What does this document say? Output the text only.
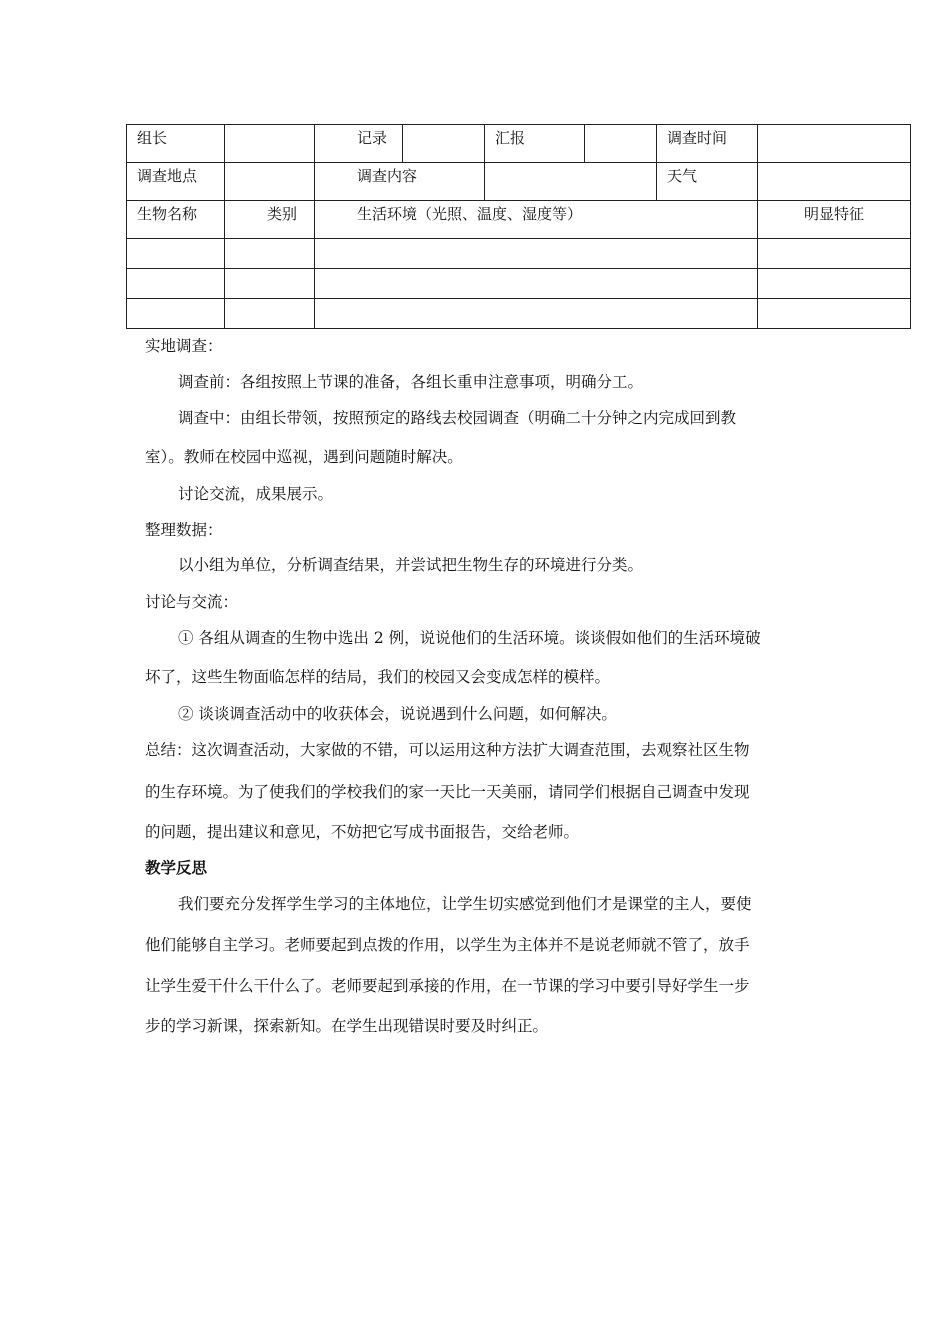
组长		记录		汇报		调查时间	
调查地点		调查内容				天气	
生物名称	类别	生活环境（光照、温度、湿度等）					明显特征

实地调查：
调查前：各组按照上节课的准备，各组长重申注意事项，明确分工。
调查中：由组长带领，按照预定的路线去校园调查（明确二十分钟之内完成回到教
室）。教师在校园中巡视，遇到问题随时解决。
讨论交流，成果展示。
整理数据：
以小组为单位，分析调查结果，并尝试把生物生存的环境进行分类。
讨论与交流：
① 各组从调查的生物中选出 2 例，说说他们的生活环境。谈谈假如他们的生活环境破
坏了，这些生物面临怎样的结局，我们的校园又会变成怎样的模样。
② 谈谈调查活动中的收获体会，说说遇到什么问题，如何解决。
总结：这次调查活动，大家做的不错，可以运用这种方法扩大调查范围，去观察社区生物
的生存环境。为了使我们的学校我们的家一天比一天美丽，请同学们根据自己调查中发现
的问题，提出建议和意见，不妨把它写成书面报告，交给老师。
教学反思
我们要充分发挥学生学习的主体地位，让学生切实感觉到他们才是课堂的主人，要使
他们能够自主学习。老师要起到点拨的作用，以学生为主体并不是说老师就不管了，放手
让学生爱干什么干什么了。老师要起到承接的作用，在一节课的学习中要引导好学生一步
步的学习新课，探索新知。在学生出现错误时要及时纠正。
